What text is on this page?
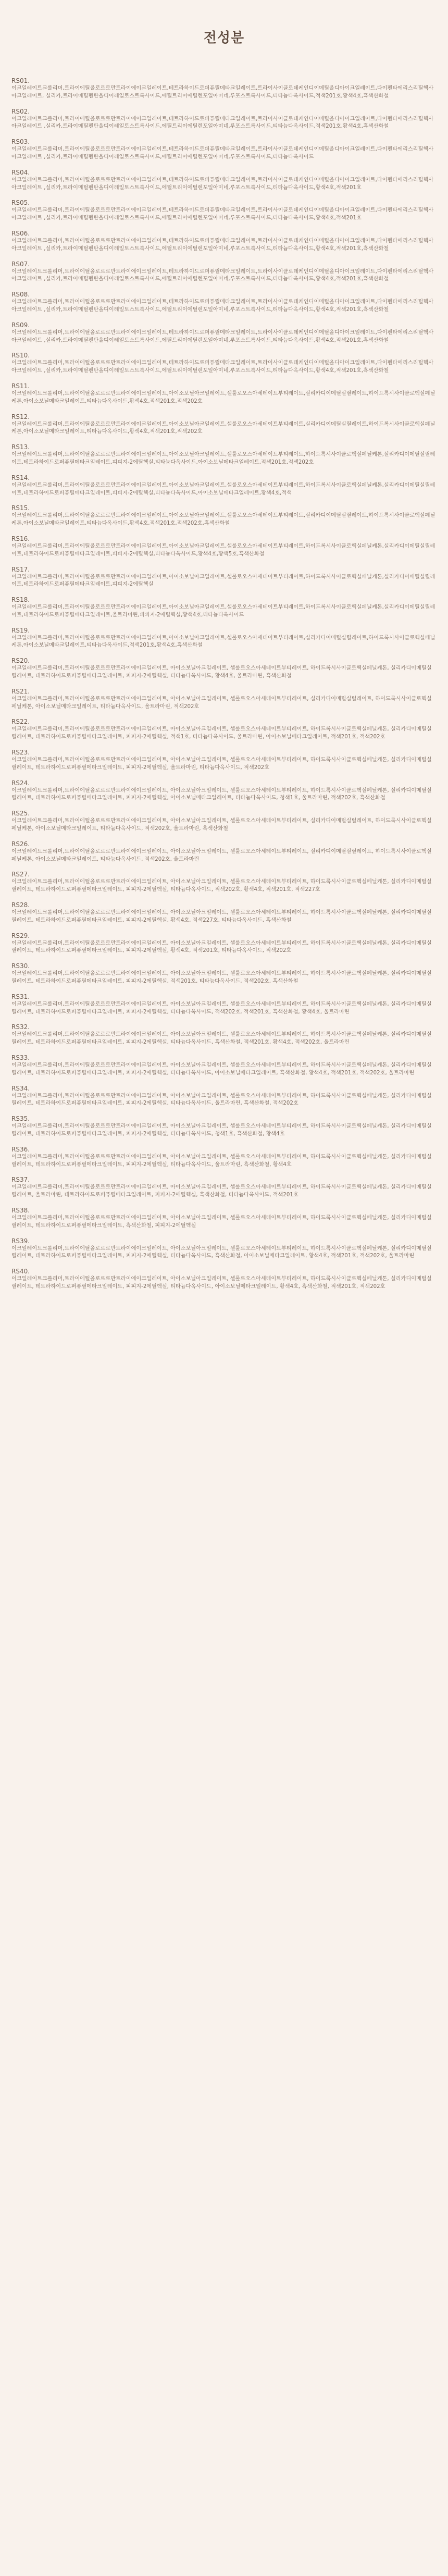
전성분

RS01.

이크일레이트크롤리머,트라이에틸올로르로만트라이에이크일레이트,테트라하이드로퍼퓨릴메타크일레이트,트라이사이클로데케인디이메틸올디아이크일레이트,다이펜타에리스리틸헥사아크일레이트, 실리카,트라이메틸펜탄올디이레일토스트륵사이드,에틸트리이에틸렌포일아미네,루포스트륵사이드,티타늄다옥사이드,적색201호,황색4호,흑색산화철

RS02.

이크일레이트크롤리머,트라이에틸올로르로만트라이에이크일레이트,테트라하이드로퍼퓨릴메타크일레이트,트라이사이클로데케인디이메틸올디아이크일레이트,다이펜타에리스리틸헥사아크일레이트 ,실리카,트라이메틸펜탄올디이레일토스트륵사이드,에틸트리이에틸렌포일아미네,루포스트륵사이드,티타늄다옥사이드,적색201호,황색4호,흑색산화철

RS03.

이크일레이트크롤리머,트라이에틸올로르로만트라이에이크일레이트,테트라하이드로퍼퓨릴메타크일레이트,트라이사이클로데케인디이메틸올디아이크일레이트,다이펜타에리스리틸헥사아크일레이트 ,실리카,트라이메틸펜탄올디이레일토스트륵사이드,에틸트리이에틸렌포일아미네,루포스트륵사이드,티타늄다옥사이드

RS04.

이크일레이트크롤리머,트라이에틸올로르로만트라이에이크일레이트,테트라하이드로퍼퓨릴메타크일레이트,트라이사이클로데케인디이메틸올디아이크일레이트,다이펜타에리스리틸헥사아크일레이트 ,실리카,트라이메틸펜탄올디이레일토스트륵사이드,에틸트리이에틸렌포일아미네,루포스트륵사이드,티타늄다옥사이드,황색4호,적색201호

RS05.

이크일레이트크롤리머,트라이에틸올로르로만트라이에이크일레이트,테트라하이드로퍼퓨릴메타크일레이트,트라이사이클로데케인디이메틸올디아이크일레이트,다이펜타에리스리틸헥사아크일레이트 ,실리카,트라이메틸펜탄올디이레일토스트륵사이드,에틸트리이에틸렌포일아미네,루포스트륵사이드,티타늄다옥사이드,황색4호,적색201호

RS06.

이크일레이트크롤리머,트라이에틸올로르로만트라이에이크일레이트,테트라하이드로퍼퓨릴메타크일레이트,트라이사이클로데케인디이메틸올디아이크일레이트,다이펜타에리스리틸헥사아크일레이트 ,실리카,트라이메틸펜탄올디이레일토스트륵사이드,에틸트리이에틸렌포일아미네,루포스트륵사이드,티타늄다옥사이드,황색4호,적색201호,흑색산화철

RS07.

이크일레이트크롤리머,트라이에틸올로르로만트라이에이크일레이트,테트라하이드로퍼퓨릴메타크일레이트,트라이사이클로데케인디이메틸올디아이크일레이트,다이펜타에리스리틸헥사아크일레이트 ,실리카,트라이메틸펜탄올디이레일토스트륵사이드,에틸트리이에틸렌포일아미네,루포스트륵사이드,티타늄다옥사이드,황색4호,적색201호,흑색산화철

RS08.

이크일레이트크롤리머,트라이에틸올로르로만트라이에이크일레이트,테트라하이드로퍼퓨릴메타크일레이트,트라이사이클로데케인디이메틸올디아이크일레이트,다이펜타에리스리틸헥사아크일레이트 ,실리카,트라이메틸펜탄올디이레일토스트륵사이드,에틸트리이에틸렌포일아미네,루포스트륵사이드,티타늄다옥사이드,황색4호,적색201호,흑색산화철

RS09.

이크일레이트크롤리머,트라이에틸올로르로만트라이에이크일레이트,테트라하이드로퍼퓨릴메타크일레이트,트라이사이클로데케인디이메틸올디아이크일레이트,다이펜타에리스리틸헥사아크일레이트 ,실리카,트라이메틸펜탄올디이레일토스트륵사이드,에틸트리이에틸렌포일아미네,루포스트륵사이드,티타늄다옥사이드,황색4호,적색201호,흑색산화철

RS10.

이크일레이트크롤리머,트라이에틸올로르로만트라이에이크일레이트,테트라하이드로퍼퓨릴메타크일레이트,트라이사이클로데케인디이메틸올디아이크일레이트,다이펜타에리스리틸헥사아크일레이트 ,실리카,트라이메틸펜탄올디이레일토스트륵사이드,에틸트리이에틸렌포일아미네,루포스트륵사이드,티타늄다옥사이드,황색4호,적색201호,흑색산화철

RS11.

이크일레이트크롤리머,트라이에틸올로르로만트라이에이크일레이트,아이소보닐아크일레이트,셀룰로오스아세테이트부티레이트,실리카디이메틸실릴레이트,하이드록시사이클로헥실페닐케톤,아이소보닐메타크일레이트,티타늄다옥사이드,황색4호,적색201호,적색202호

RS12.

이크일레이트크롤리머,트라이에틸올로르로만트라이에이크일레이트,아이소보닐아크일레이트,셀룰로오스아세테이트부티레이트,실리카디이메틸실릴레이트,하이드록시사이클로헥실페닐케톤,아이소보닐메타크일레이트,티타늄다옥사이드,황색4호,적색201호,적색202호

RS13.

이크일레이트크롤리머,트라이에틸올로르로만트라이에이크일레이트,아이소보닐아크일레이트,셀룰로오스아세테이트부티레이트,하이드록시사이클로헥실페닐케톤,실리카디이메틸실릴레이트,테트라하이드로퍼퓨릴메타크일레이트,피피지-2에틸헥실,티타늄다옥사이드,아이소보닐메타크일레이트,적색201호,적색202호

RS14.

이크일레이트크롤리머,트라이에틸올로르로만트라이에이크일레이트,아이소보닐아크일레이트,셀룰로오스아세테이트부티레이트,하이드록시사이클로헥실페닐케톤,실리카디이메틸실릴레이트,테트라하이드로퍼퓨릴메타크일레이트,피피지-2에틸헥실,티타늄다옥사이드,아이소보닐메타크일레이트,황색4호,적색

RS15.

이크일레이트크롤리머,트라이에틸올로르로만트라이에이크일레이트,아이소보닐아크일레이트,셀룰로오스아세테이트부티레이트,실리카디이메틸실릴레이트,하이드록시사이클로헥실페닐케톤,아이소보닐메타크일레이트,티타늄다옥사이드,황색4호,적색201호,적색202호,흑색산화철

RS16.

이크일레이트크롤리머,트라이에틸올로르로만트라이에이크일레이트,아이소보닐아크일레이트,셀룰로오스아세테이트부티레이트,하이드록시사이클로헥실페닐케톤,실리카디이메틸실릴레이트,테트라하이드로퍼퓨릴메타크일레이트,피피지-2에틸헥실,티타늄다옥사이드,황색4호,황색5호,흑색산화철

RS17.

이크일레이트크롤리머,트라이에틸올로르로만트라이에이크일레이트,아이소보닐아크일레이트,셀룰로오스아세테이트부티레이트,하이드록시사이클로헥실페닐케톤,실리카디이메틸실릴레이트,테트라하이드로퍼퓨릴메타크일레이트,피피지-2에틸헥실

RS18.

이크일레이트크롤리머,트라이에틸올로르로만트라이에이크일레이트,아이소보닐아크일레이트,셀룰로오스아세테이트부티레이트,하이드록시사이클로헥실페닐케톤,실리카디이메틸실릴레이트,테트라하이드로퍼퓨릴메타크일레이트,울트라마린,피피지-2에틸헥실,황색4호,티타늄다옥사이드

RS19.

이크일레이트크롤리머,트라이에틸올로르로만트라이에이크일레이트,아이소보닐아크일레이트,셀룰로오스아세테이트부티레이트,실리카디이메틸실릴레이트,하이드록시사이클로헥실페닐케톤,아이소보닐메타크일레이트,티타늄다옥사이드,적색201호,황색4호,흑색산화철

RS20.

이크일레이트크롤리머,트라이에틸올로르로만트라이에이크일레이트, 아이소보닐아크일레이트, 셀룰로오스아세테이트부티레이트, 하이드록시사이클로헥실페닐케톤, 실리카디이메틸실릴레이트, 테트라하이드로퍼퓨릴메타크일레이트, 피피지-2에틸헥실, 티타늄다옥사이드, 황색4호, 울트라마린, 흑색산화철

RS21.

이크일레이트크롤리머,트라이에틸올로르로만트라이에이크일레이트, 아이소보닐아크일레이트, 셀룰로오스아세테이트부티레이트, 실리카디이메틸실릴레이트, 하이드록시사이클로헥실페닐케톤, 아이소보닐메타크일레이트, 티타늄다옥사이드, 울트라마린, 적색202호

RS22.

이크일레이트크롤리머,트라이에틸올로르로만트라이에이크일레이트, 아이소보닐아크일레이트, 셀룰로오스아세테이트부티레이트, 하이드록시사이클로헥실페닐케톤, 실리카디이메틸실릴레이트, 테트라하이드로퍼퓨릴메타크일레이트, 피피지-2에틸헥실, 적색1호, 티타늄다옥사이드, 울트라마린, 아이소보닐메타크일레이트, 적색201호, 적색202호

RS23.

이크일레이트크롤리머,트라이에틸올로르로만트라이에이크일레이트, 아이소보닐아크일레이트, 셀룰로오스아세테이트부티레이트, 하이드록시사이클로헥실페닐케톤, 실리카디이메틸실릴레이트, 테트라하이드로퍼퓨릴메타크일레이트, 피피지-2에틸헥실, 울트라마린, 티타늄다옥사이드, 적색202호

RS24.

이크일레이트크롤리머,트라이에틸올로르로만트라이에이크일레이트, 아이소보닐아크일레이트, 셀룰로오스아세테이트부티레이트, 하이드록시사이클로헥실페닐케톤, 실리카디이메틸실릴레이트, 테트라하이드로퍼퓨릴메타크일레이트, 피피지-2에틸헥실, 아이소보닐메타크일레이트, 티타늄다옥사이드, 청색1호, 울트라마린, 적색202호, 흑색산화철

RS25.

이크일레이트크롤리머,트라이에틸올로르로만트라이에이크일레이트, 아이소보닐아크일레이트, 셀룰로오스아세테이트부티레이트, 실리카디이메틸실릴레이트, 하이드록시사이클로헥실페닐케톤, 아이소보닐메타크일레이트, 티타늄다옥사이드, 적색202호, 울트라마린, 흑색산화철

RS26.

이크일레이트크롤리머,트라이에틸올로르로만트라이에이크일레이트, 아이소보닐아크일레이트, 셀룰로오스아세테이트부티레이트, 실리카디이메틸실릴레이트, 하이드록시사이클로헥실페닐케톤, 아이소보닐메타크일레이트, 티타늄다옥사이드, 적색202호, 울트라마린

RS27.

이크일레이트크롤리머,트라이에틸올로르로만트라이에이크일레이트, 아이소보닐아크일레이트, 셀룰로오스아세테이트부티레이트, 하이드록시사이클로헥실페닐케톤, 실리카디이메틸실릴레이트, 테트라하이드로퍼퓨릴메타크일레이트, 피피지-2에틸헥실, 티타늄다옥사이드, 적색202호, 황색4호, 적색201호, 적색227호

RS28.

이크일레이트크롤리머,트라이에틸올로르로만트라이에이크일레이트, 아이소보닐아크일레이트, 셀룰로오스아세테이트부티레이트, 하이드록시사이클로헥실페닐케톤, 실리카디이메틸실릴레이트, 테트라하이드로퍼퓨릴메타크일레이트, 피피지-2에틸헥실, 황색4호, 적색227호, 티타늄다옥사이드, 흑색산화철

RS29.

이크일레이트크롤리머,트라이에틸올로르로만트라이에이크일레이트, 아이소보닐아크일레이트, 셀룰로오스아세테이트부티레이트, 하이드록시사이클로헥실페닐케톤, 실리카디이메틸실릴레이트, 테트라하이드로퍼퓨릴메타크일레이트, 피피지-2에틸헥실, 황색4호, 적색201호, 티타늄다옥사이드, 적색202호

RS30.

이크일레이트크롤리머,트라이에틸올로르로만트라이에이크일레이트, 아이소보닐아크일레이트, 셀룰로오스아세테이트부티레이트, 하이드록시사이클로헥실페닐케톤, 실리카디이메틸실릴레이트, 테트라하이드로퍼퓨릴메타크일레이트, 피피지-2에틸헥실, 적색201호, 티타늄다옥사이드, 적색202호, 흑색산화철

RS31.

이크일레이트크롤리머,트라이에틸올로르로만트라이에이크일레이트, 아이소보닐아크일레이트, 셀룰로오스아세테이트부티레이트, 하이드록시사이클로헥실페닐케톤, 실리카디이메틸실릴레이트, 테트라하이드로퍼퓨릴메타크일레이트, 피피지-2에틸헥실, 티타늄다옥사이드, 적색202호, 적색201호, 흑색산화철, 황색4호, 울트라마린

RS32.

이크일레이트크롤리머,트라이에틸올로르로만트라이에이크일레이트, 아이소보닐아크일레이트, 셀룰로오스아세테이트부티레이트, 하이드록시사이클로헥실페닐케톤, 실리카디이메틸실릴레이트, 테트라하이드로퍼퓨릴메타크일레이트, 피피지-2에틸헥실, 티타늄다옥사이드, 흑색산화철, 적색201호, 황색4호, 적색202호, 울트라마린

RS33.

이크일레이트크롤리머,트라이에틸올로르로만트라이에이크일레이트, 아이소보닐아크일레이트, 셀룰로오스아세테이트부티레이트, 하이드록시사이클로헥실페닐케톤, 실리카디이메틸실릴레이트, 테트라하이드로퍼퓨릴메타크일레이트, 피피지-2에틸헥실, 티타늄다옥사이드, 아이소보닐메타크일레이트, 흑색산화철, 황색4호, 적색201호, 적색202호, 울트라마린

RS34.

이크일레이트크롤리머,트라이에틸올로르로만트라이에이크일레이트, 아이소보닐아크일레이트, 셀룰로오스아세테이트부티레이트, 하이드록시사이클로헥실페닐케톤, 실리카디이메틸실릴레이트, 테트라하이드로퍼퓨릴메타크일레이트, 피피지-2에틸헥실, 티타늄다옥사이드, 울트라마린, 흑색산화철, 적색202호

RS35.

이크일레이트크롤리머,트라이에틸올로르로만트라이에이크일레이트, 아이소보닐아크일레이트, 셀룰로오스아세테이트부티레이트, 하이드록시사이클로헥실페닐케톤, 실리카디이메틸실릴레이트, 테트라하이드로퍼퓨릴메타크일레이트, 피피지-2에틸헥실, 티타늄다옥사이드, 청색1호, 흑색산화철, 황색4호

RS36.

이크일레이트크롤리머,트라이에틸올로르로만트라이에이크일레이트, 아이소보닐아크일레이트, 셀룰로오스아세테이트부티레이트, 하이드록시사이클로헥실페닐케톤, 실리카디이메틸실릴레이트, 테트라하이드로퍼퓨릴메타크일레이트, 피피지-2에틸헥실, 티타늄다옥사이드, 울트라마린, 흑색산화철, 황색4호

RS37.

이크일레이트크롤리머,트라이에틸올로르로만트라이에이크일레이트, 아이소보닐아크일레이트, 셀룰로오스아세테이트부티레이트, 하이드록시사이클로헥실페닐케톤, 실리카디이메틸실릴레이트, 울트라마린, 테트라하이드로퍼퓨릴메타크일레이트, 피피지-2에틸헥실, 흑색산화철, 티타늄다옥사이드, 적색201호

RS38.

이크일레이트크롤리머,트라이에틸올로르로만트라이에이크일레이트, 아이소보닐아크일레이트, 셀룰로오스아세테이트부티레이트, 하이드록시사이클로헥실페닐케톤, 실리카디이메틸실릴레이트, 테트라하이드로퍼퓨릴메타크일레이트, 흑색산화철, 피피지-2에틸헥실

RS39.

이크일레이트크롤리머,트라이에틸올로르로만트라이에이크일레이트, 아이소보닐아크일레이트, 셀룰로오스아세테이트부티레이트, 하이드록시사이클로헥실페닐케톤, 실리카디이메틸실릴레이트, 테트라하이드로퍼퓨릴메타크일레이트, 피피지-2에틸헥실, 티타늄다옥사이드, 흑색산화철, 아이소보닐메타크일레이트, 황색4호, 적색201호, 적색202호, 울트라마린

RS40.

이크일레이트크롤리머,트라이에틸올로르로만트라이에이크일레이트, 아이소보닐아크일레이트, 셀룰로오스아세테이트부티레이트, 하이드록시사이클로헥실페닐케톤, 실리카디이메틸실릴레이트, 테트라하이드로퍼퓨릴메타크일레이트, 피피지-2에틸헥실, 티타늄다옥사이드, 아이소보닐메타크일레이트, 황색4호, 흑색산화철, 적색201호, 적색202호
